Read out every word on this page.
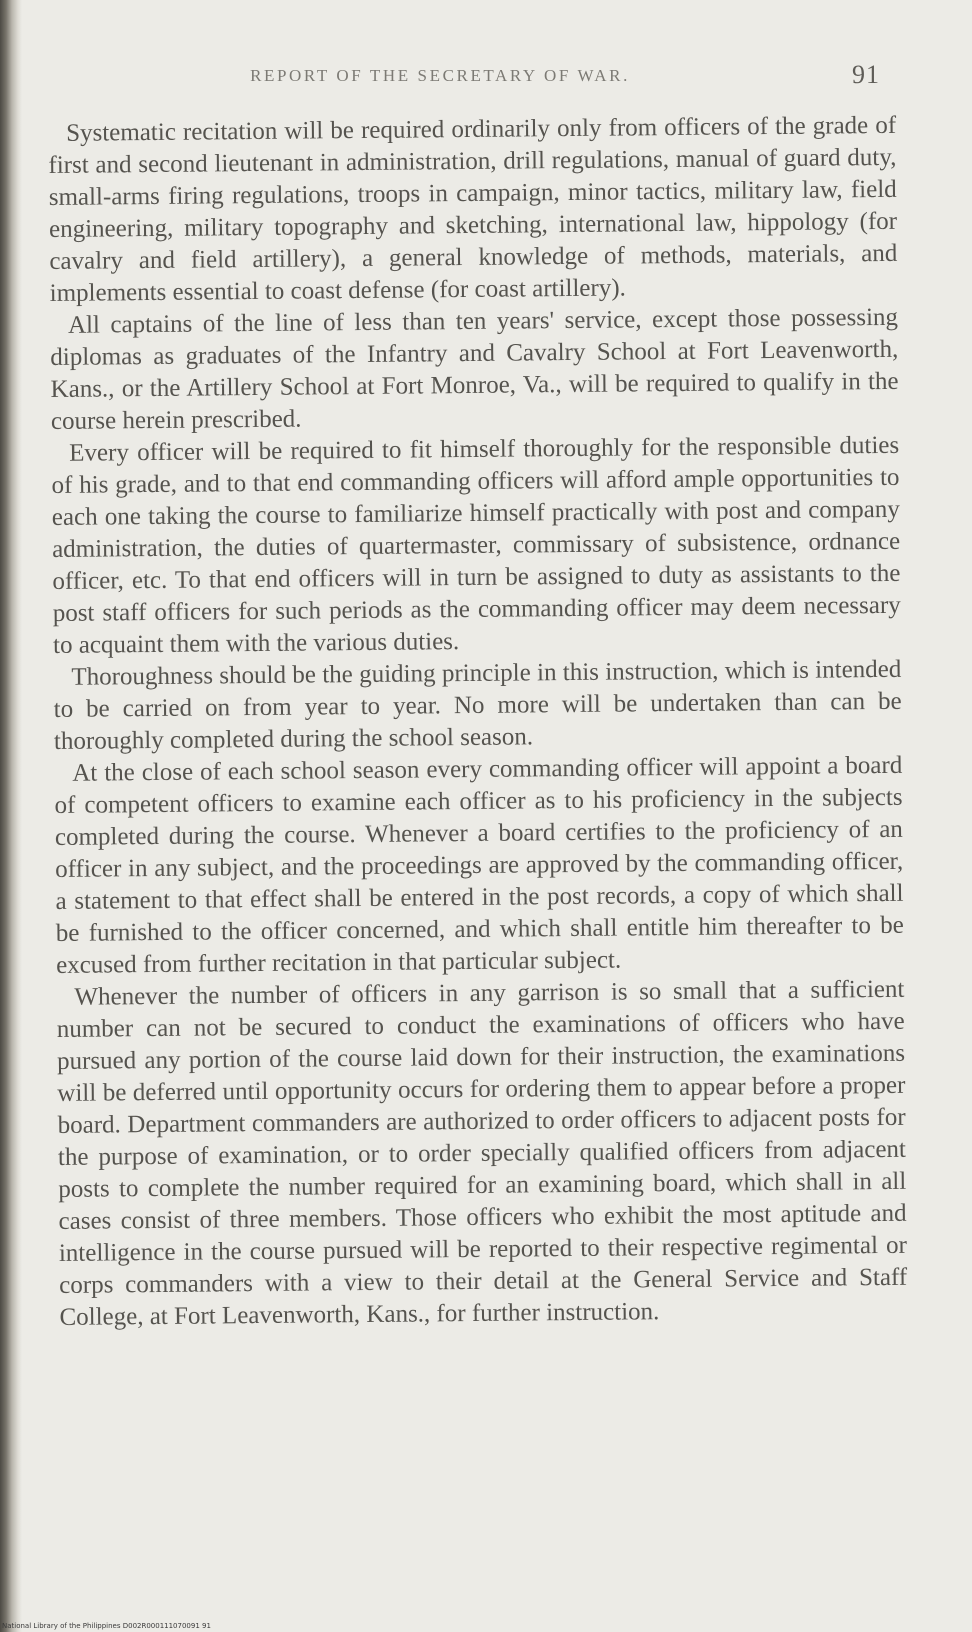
REPORT OF THE SECRETARY OF WAR.	91

Systematic recitation will be required ordinarily only from officers of the grade of first and second lieutenant in administration, drill regulations, manual of guard duty, small-arms firing regulations, troops in campaign, minor tactics, military law, field engineering, military topography and sketching, international law, hippology (for cavalry and field artillery), a general knowledge of methods, materials, and implements essential to coast defense (for coast artillery).

All captains of the line of less than ten years' service, except those possessing diplomas as graduates of the Infantry and Cavalry School at Fort Leavenworth, Kans., or the Artillery School at Fort Monroe, Va., will be required to qualify in the course herein prescribed.

Every officer will be required to fit himself thoroughly for the responsible duties of his grade, and to that end commanding officers will afford ample opportunities to each one taking the course to familiarize himself practically with post and company administration, the duties of quartermaster, commissary of subsistence, ordnance officer, etc. To that end officers will in turn be assigned to duty as assistants to the post staff officers for such periods as the commanding officer may deem necessary to acquaint them with the various duties.

Thoroughness should be the guiding principle in this instruction, which is intended to be carried on from year to year. No more will be undertaken than can be thoroughly completed during the school season.

At the close of each school season every commanding officer will appoint a board of competent officers to examine each officer as to his proficiency in the subjects completed during the course. Whenever a board certifies to the proficiency of an officer in any subject, and the proceedings are approved by the commanding officer, a statement to that effect shall be entered in the post records, a copy of which shall be furnished to the officer concerned, and which shall entitle him thereafter to be excused from further recitation in that particular subject.

Whenever the number of officers in any garrison is so small that a sufficient number can not be secured to conduct the examinations of officers who have pursued any portion of the course laid down for their instruction, the examinations will be deferred until opportunity occurs for ordering them to appear before a proper board. Department commanders are authorized to order officers to adjacent posts for the purpose of examination, or to order specially qualified officers from adjacent posts to complete the number required for an examining board, which shall in all cases consist of three members. Those officers who exhibit the most aptitude and intelligence in the course pursued will be reported to their respective regimental or corps commanders with a view to their detail at the General Service and Staff College, at Fort Leavenworth, Kans., for further instruction.

National Library of the Philippines D002R000111070091 91
